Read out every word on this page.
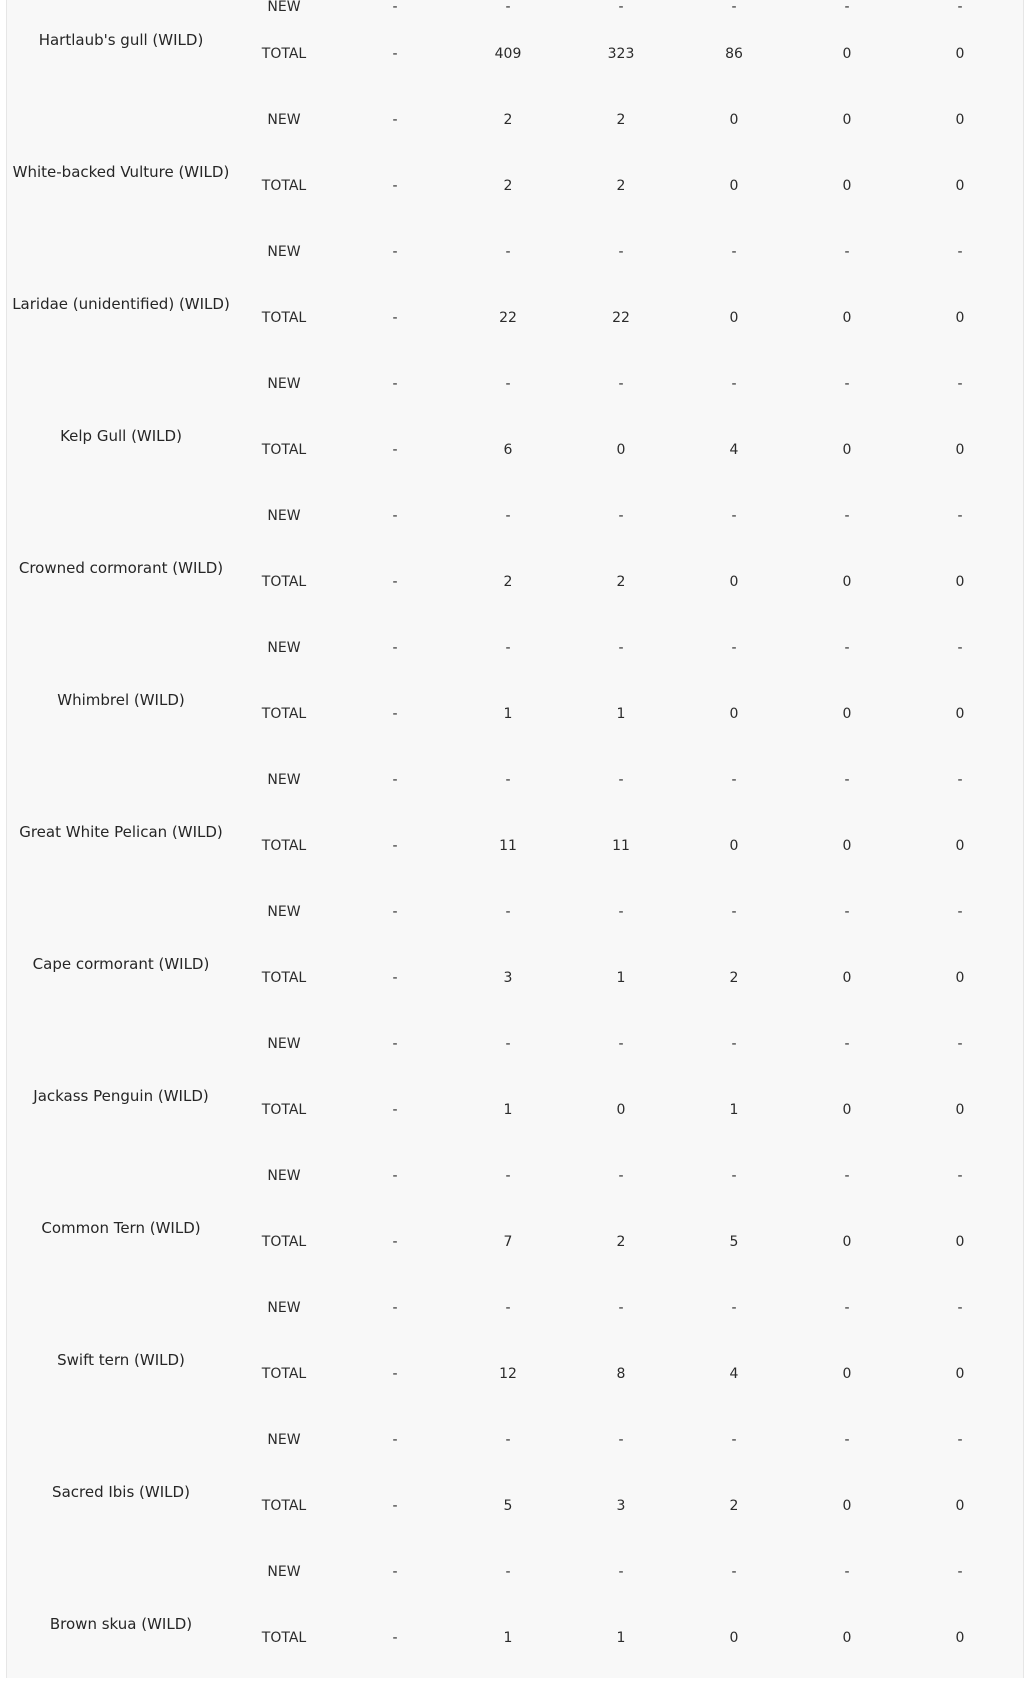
NEW	-	-	-	-	-	-
Hartlaub's gull (WILD)
TOTAL	-	409	323	86	0	0
White-backed Vulture (WILD)
NEW	-	2	2	0	0	0
TOTAL	-	2	2	0	0	0
Laridae (unidentified) (WILD)
NEW	-	-	-	-	-	-
TOTAL	-	22	22	0	0	0
Kelp Gull (WILD)
NEW	-	-	-	-	-	-
TOTAL	-	6	0	4	0	0
Crowned cormorant (WILD)
NEW	-	-	-	-	-	-
TOTAL	-	2	2	0	0	0
Whimbrel (WILD)
NEW	-	-	-	-	-	-
TOTAL	-	1	1	0	0	0
Great White Pelican (WILD)
NEW	-	-	-	-	-	-
TOTAL	-	11	11	0	0	0
Cape cormorant (WILD)
NEW	-	-	-	-	-	-
TOTAL	-	3	1	2	0	0
Jackass Penguin (WILD)
NEW	-	-	-	-	-	-
TOTAL	-	1	0	1	0	0
Common Tern (WILD)
NEW	-	-	-	-	-	-
TOTAL	-	7	2	5	0	0
Swift tern (WILD)
NEW	-	-	-	-	-	-
TOTAL	-	12	8	4	0	0
Sacred Ibis (WILD)
NEW	-	-	-	-	-	-
TOTAL	-	5	3	2	0	0
Brown skua (WILD)
NEW	-	-	-	-	-	-
TOTAL	-	1	1	0	0	0
